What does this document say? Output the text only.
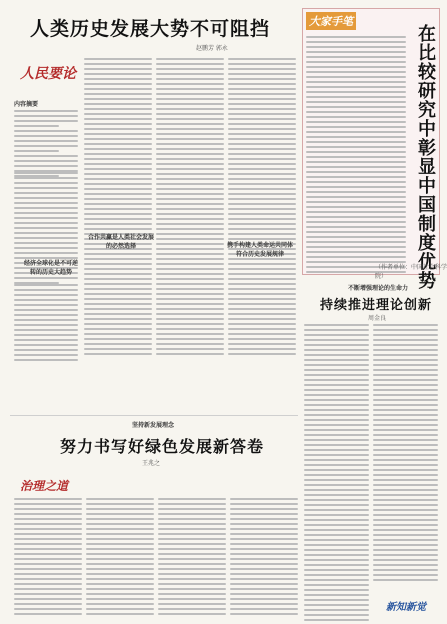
人类历史发展大势不可阻挡
赵鹏芳 郭永
人民要论
内容摘要
经济全球化是不可逆转的历史大趋势
合作共赢是人类社会发展的必然选择	携手构建人类命运共同体符合历史发展规律
大家手笔
在比较研究中彰显中国制度优势
（作者单位：中国社会科学院）
不断增强理论的生命力
持续推进理论创新
周金良
坚持新发展理念
努力书写好绿色发展新答卷
王兆之
治理之道
新知新觉
